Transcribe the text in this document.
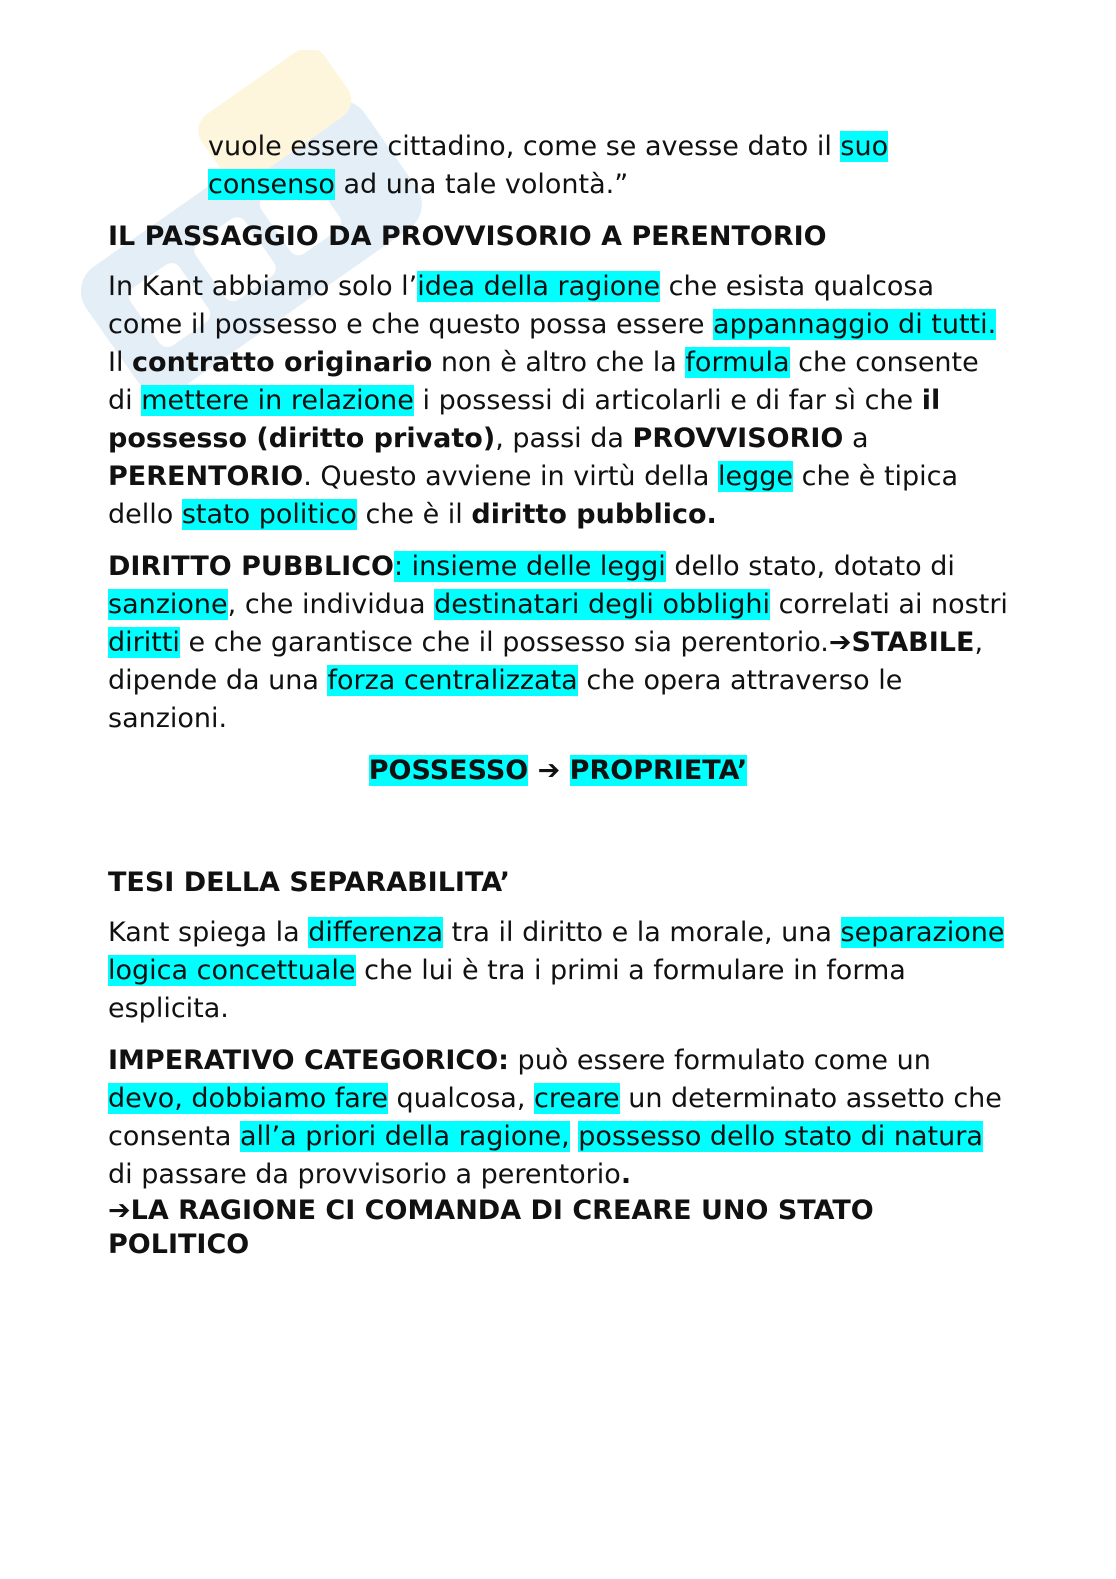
vuole essere cittadino, come se avesse dato il suo consenso ad una tale volontà.”

IL PASSAGGIO DA PROVVISORIO A PERENTORIO

In Kant abbiamo solo l’idea della ragione che esista qualcosa come il possesso e che questo possa essere appannaggio di tutti. Il contratto originario non è altro che la formula che consente di mettere in relazione i possessi di articolarli e di far sì che il possesso (diritto privato), passi da PROVVISORIO a PERENTORIO. Questo avviene in virtù della legge che è tipica dello stato politico che è il diritto pubblico.

DIRITTO PUBBLICO: insieme delle leggi dello stato, dotato di sanzione, che individua destinatari degli obblighi correlati ai nostri diritti e che garantisce che il possesso sia perentorio.➔STABILE, dipende da una forza centralizzata che opera attraverso le sanzioni.

POSSESSO ➔ PROPRIETA’

TESI DELLA SEPARABILITA’

Kant spiega la differenza tra il diritto e la morale, una separazione logica concettuale che lui è tra i primi a formulare in forma esplicita.

IMPERATIVO CATEGORICO: può essere formulato come un devo, dobbiamo fare qualcosa, creare un determinato assetto che consenta all’a priori della ragione, possesso dello stato di natura di passare da provvisorio a perentorio.

➔LA RAGIONE CI COMANDA DI CREARE UNO STATO POLITICO
